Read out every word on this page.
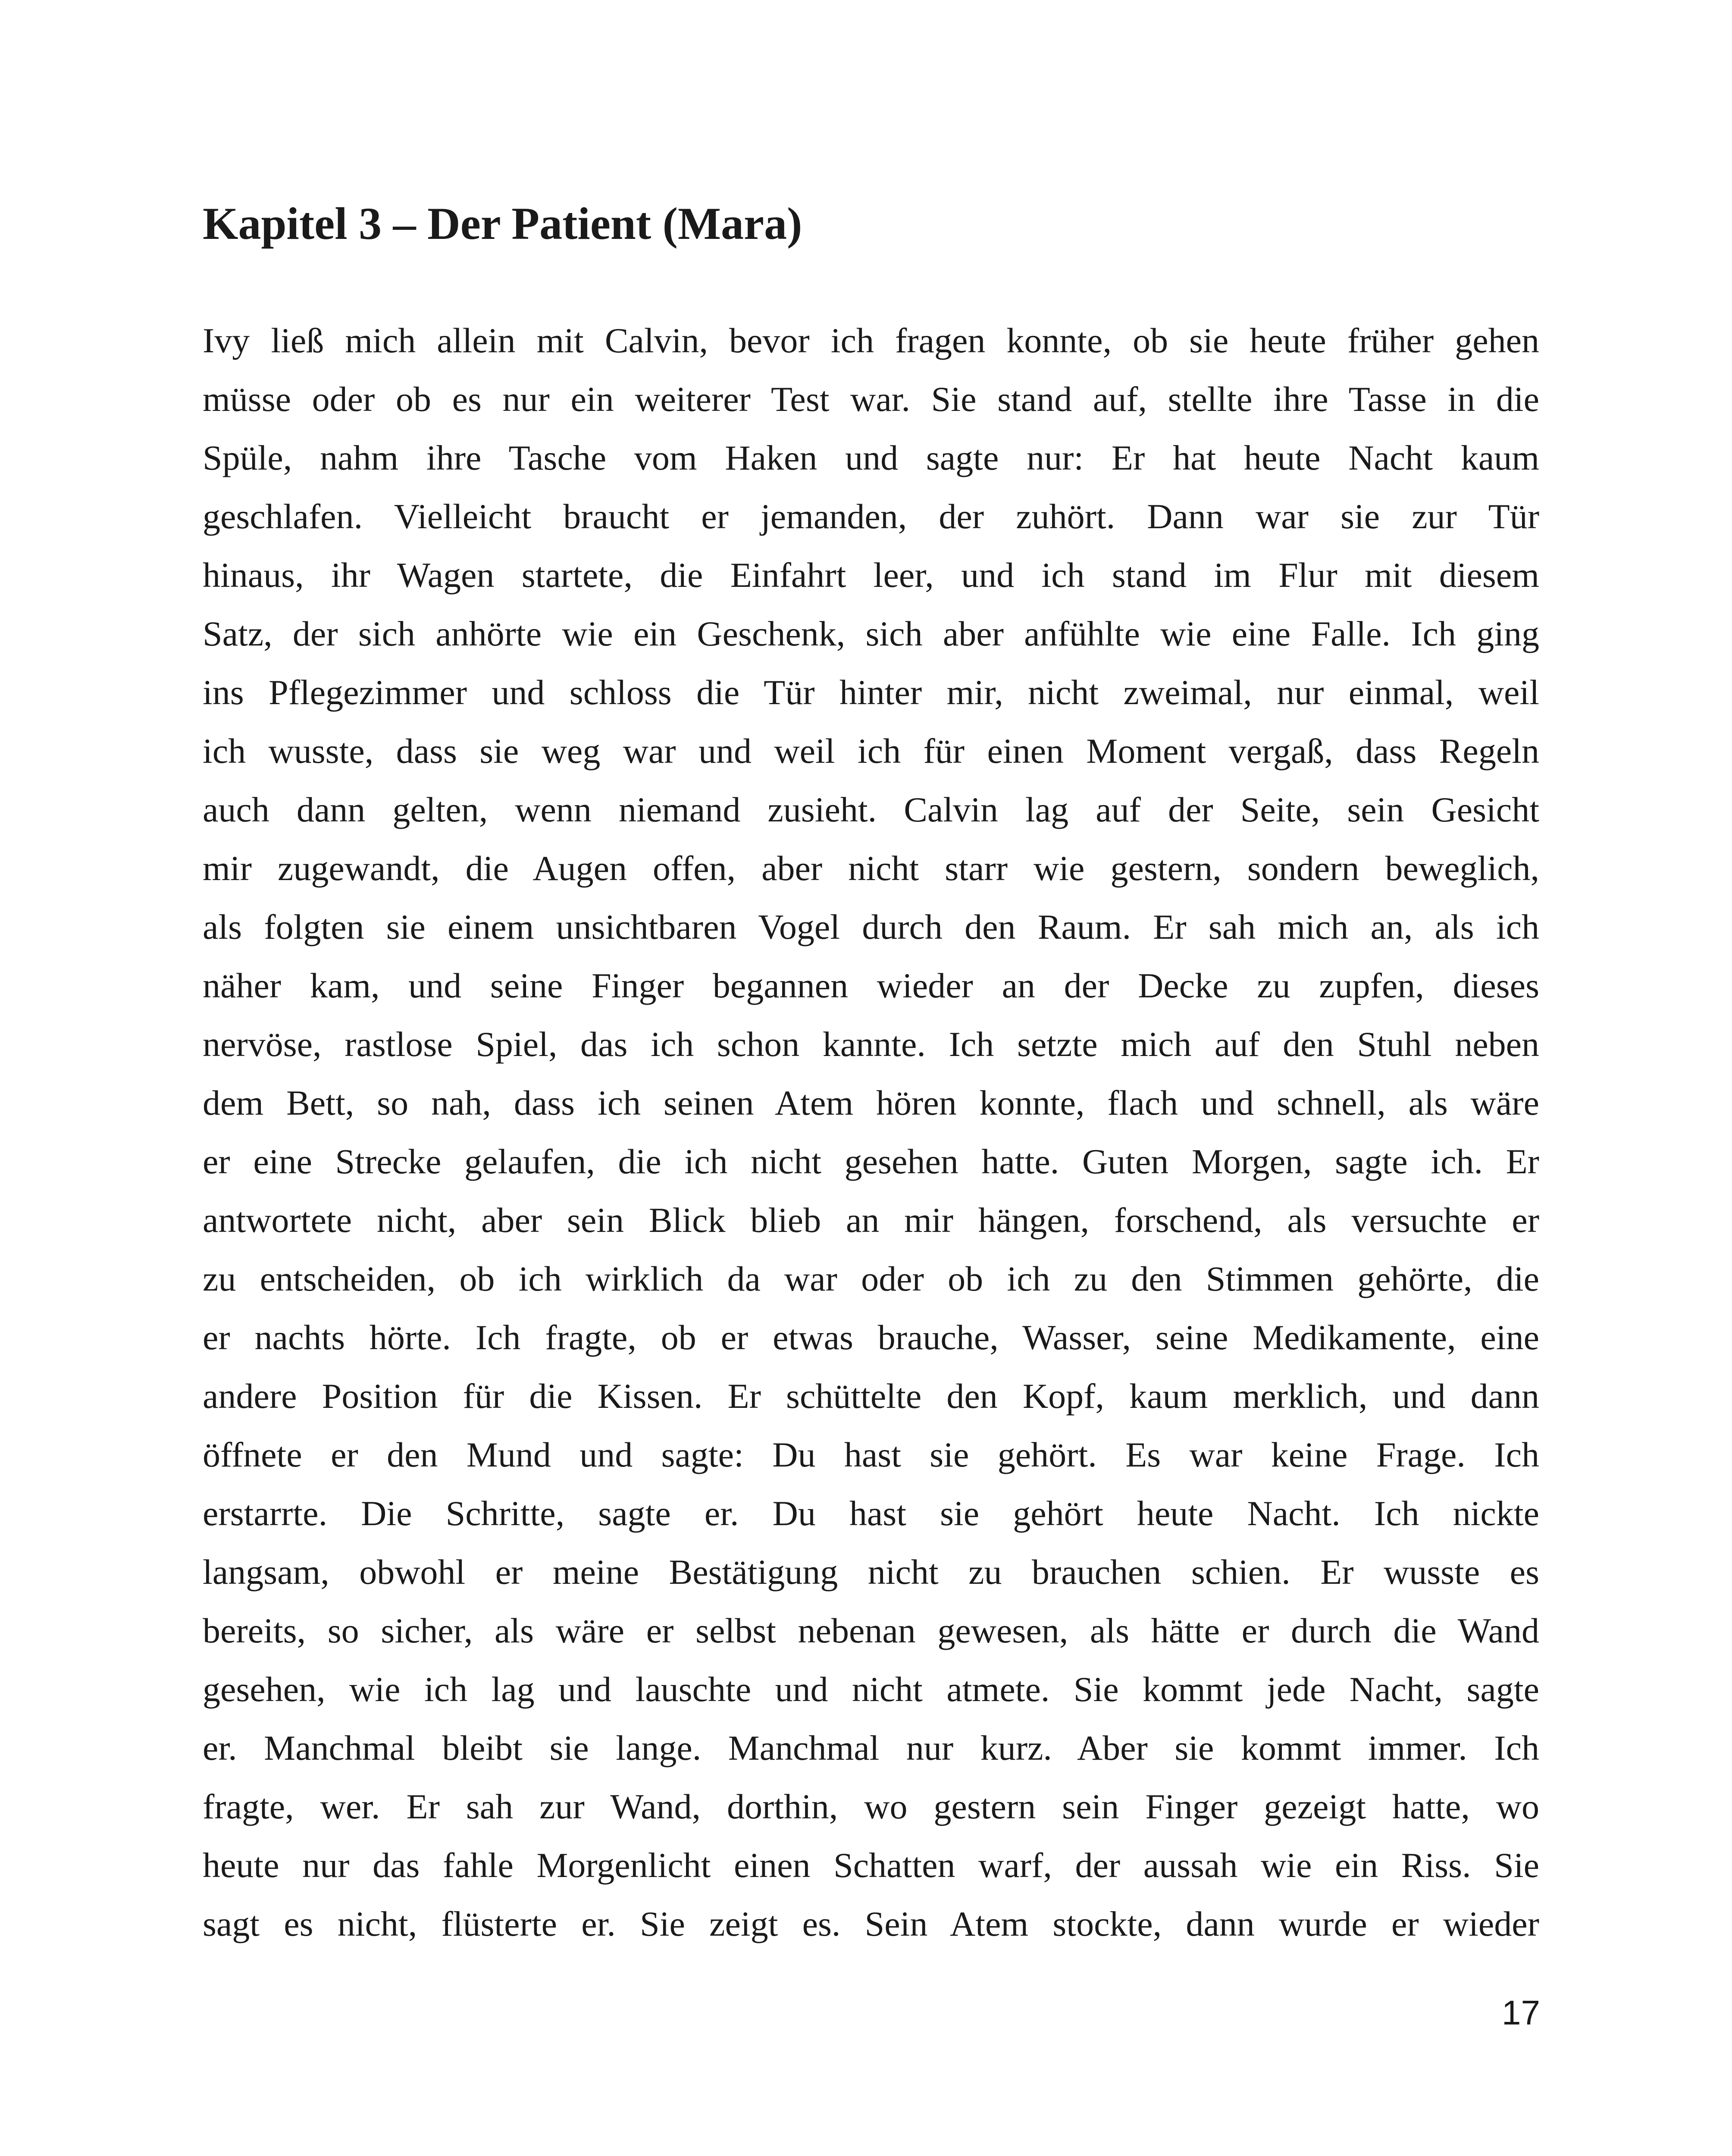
Kapitel 3 – Der Patient (Mara)
Ivy ließ mich allein mit Calvin, bevor ich fragen konnte, ob sie heute früher gehen
müsse oder ob es nur ein weiterer Test war. Sie stand auf, stellte ihre Tasse in die
Spüle, nahm ihre Tasche vom Haken und sagte nur: Er hat heute Nacht kaum
geschlafen. Vielleicht braucht er jemanden, der zuhört. Dann war sie zur Tür
hinaus, ihr Wagen startete, die Einfahrt leer, und ich stand im Flur mit diesem
Satz, der sich anhörte wie ein Geschenk, sich aber anfühlte wie eine Falle. Ich ging
ins Pflegezimmer und schloss die Tür hinter mir, nicht zweimal, nur einmal, weil
ich wusste, dass sie weg war und weil ich für einen Moment vergaß, dass Regeln
auch dann gelten, wenn niemand zusieht. Calvin lag auf der Seite, sein Gesicht
mir zugewandt, die Augen offen, aber nicht starr wie gestern, sondern beweglich,
als folgten sie einem unsichtbaren Vogel durch den Raum. Er sah mich an, als ich
näher kam, und seine Finger begannen wieder an der Decke zu zupfen, dieses
nervöse, rastlose Spiel, das ich schon kannte. Ich setzte mich auf den Stuhl neben
dem Bett, so nah, dass ich seinen Atem hören konnte, flach und schnell, als wäre
er eine Strecke gelaufen, die ich nicht gesehen hatte. Guten Morgen, sagte ich. Er
antwortete nicht, aber sein Blick blieb an mir hängen, forschend, als versuchte er
zu entscheiden, ob ich wirklich da war oder ob ich zu den Stimmen gehörte, die
er nachts hörte. Ich fragte, ob er etwas brauche, Wasser, seine Medikamente, eine
andere Position für die Kissen. Er schüttelte den Kopf, kaum merklich, und dann
öffnete er den Mund und sagte: Du hast sie gehört. Es war keine Frage. Ich
erstarrte. Die Schritte, sagte er. Du hast sie gehört heute Nacht. Ich nickte
langsam, obwohl er meine Bestätigung nicht zu brauchen schien. Er wusste es
bereits, so sicher, als wäre er selbst nebenan gewesen, als hätte er durch die Wand
gesehen, wie ich lag und lauschte und nicht atmete. Sie kommt jede Nacht, sagte
er. Manchmal bleibt sie lange. Manchmal nur kurz. Aber sie kommt immer. Ich
fragte, wer. Er sah zur Wand, dorthin, wo gestern sein Finger gezeigt hatte, wo
heute nur das fahle Morgenlicht einen Schatten warf, der aussah wie ein Riss. Sie
sagt es nicht, flüsterte er. Sie zeigt es. Sein Atem stockte, dann wurde er wieder
17
